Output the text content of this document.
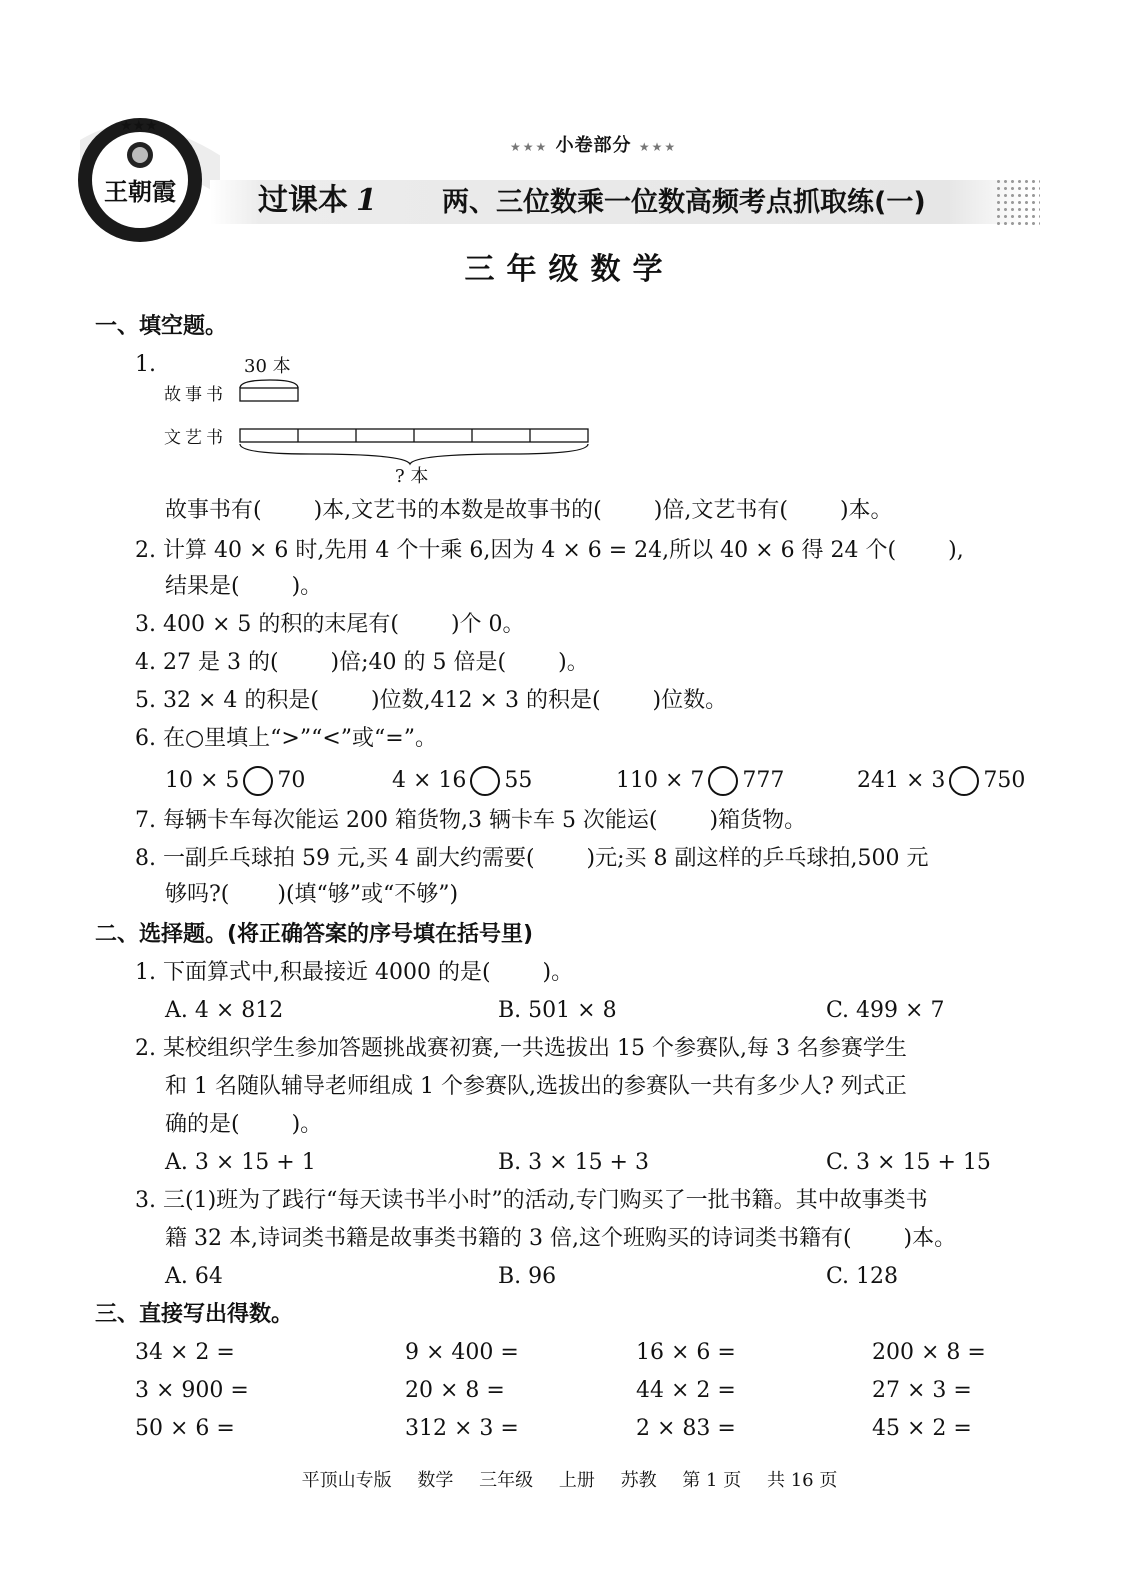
★★★
王朝霞
★★★ 小卷部分 ★★★
过课本 1 两、三位数乘一位数高频考点抓取练(一)
三年级数学
一、填空题。
1.	30 本
故事书
文艺书
? 本
故事书有( )本,文艺书的本数是故事书的( )倍,文艺书有( )本。
2. 计算 40 × 6 时,先用 4 个十乘 6,因为 4 × 6 = 24,所以 40 × 6 得 24 个( ),
结果是( )。
3. 400 × 5 的积的末尾有( )个 0。
4. 27 是 3 的( )倍;40 的 5 倍是( )。
5. 32 × 4 的积是( )位数,412 × 3 的积是( )位数。
6. 在○里填上“>”“<”或“=”。
10 × 5 70	4 × 16 55	110 × 7 777	241 × 3 750
7. 每辆卡车每次能运 200 箱货物,3 辆卡车 5 次能运( )箱货物。
8. 一副乒乓球拍 59 元,买 4 副大约需要( )元;买 8 副这样的乒乓球拍,500 元
够吗?( )(填“够”或“不够”)
二、选择题。(将正确答案的序号填在括号里)
1. 下面算式中,积最接近 4000 的是( )。
A. 4 × 812	B. 501 × 8	C. 499 × 7
2. 某校组织学生参加答题挑战赛初赛,一共选拔出 15 个参赛队,每 3 名参赛学生
和 1 名随队辅导老师组成 1 个参赛队,选拔出的参赛队一共有多少人? 列式正
确的是( )。
A. 3 × 15 + 1	B. 3 × 15 + 3	C. 3 × 15 + 15
3. 三(1)班为了践行“每天读书半小时”的活动,专门购买了一批书籍。其中故事类书
籍 32 本,诗词类书籍是故事类书籍的 3 倍,这个班购买的诗词类书籍有( )本。
A. 64	B. 96	C. 128
三、直接写出得数。
34 × 2 =	9 × 400 =	16 × 6 =	200 × 8 =
3 × 900 =	20 × 8 =	44 × 2 =	27 × 3 =
50 × 6 =	312 × 3 =	2 × 83 =	45 × 2 =
平顶山专版 数学 三年级 上册 苏教 第 1 页 共 16 页
